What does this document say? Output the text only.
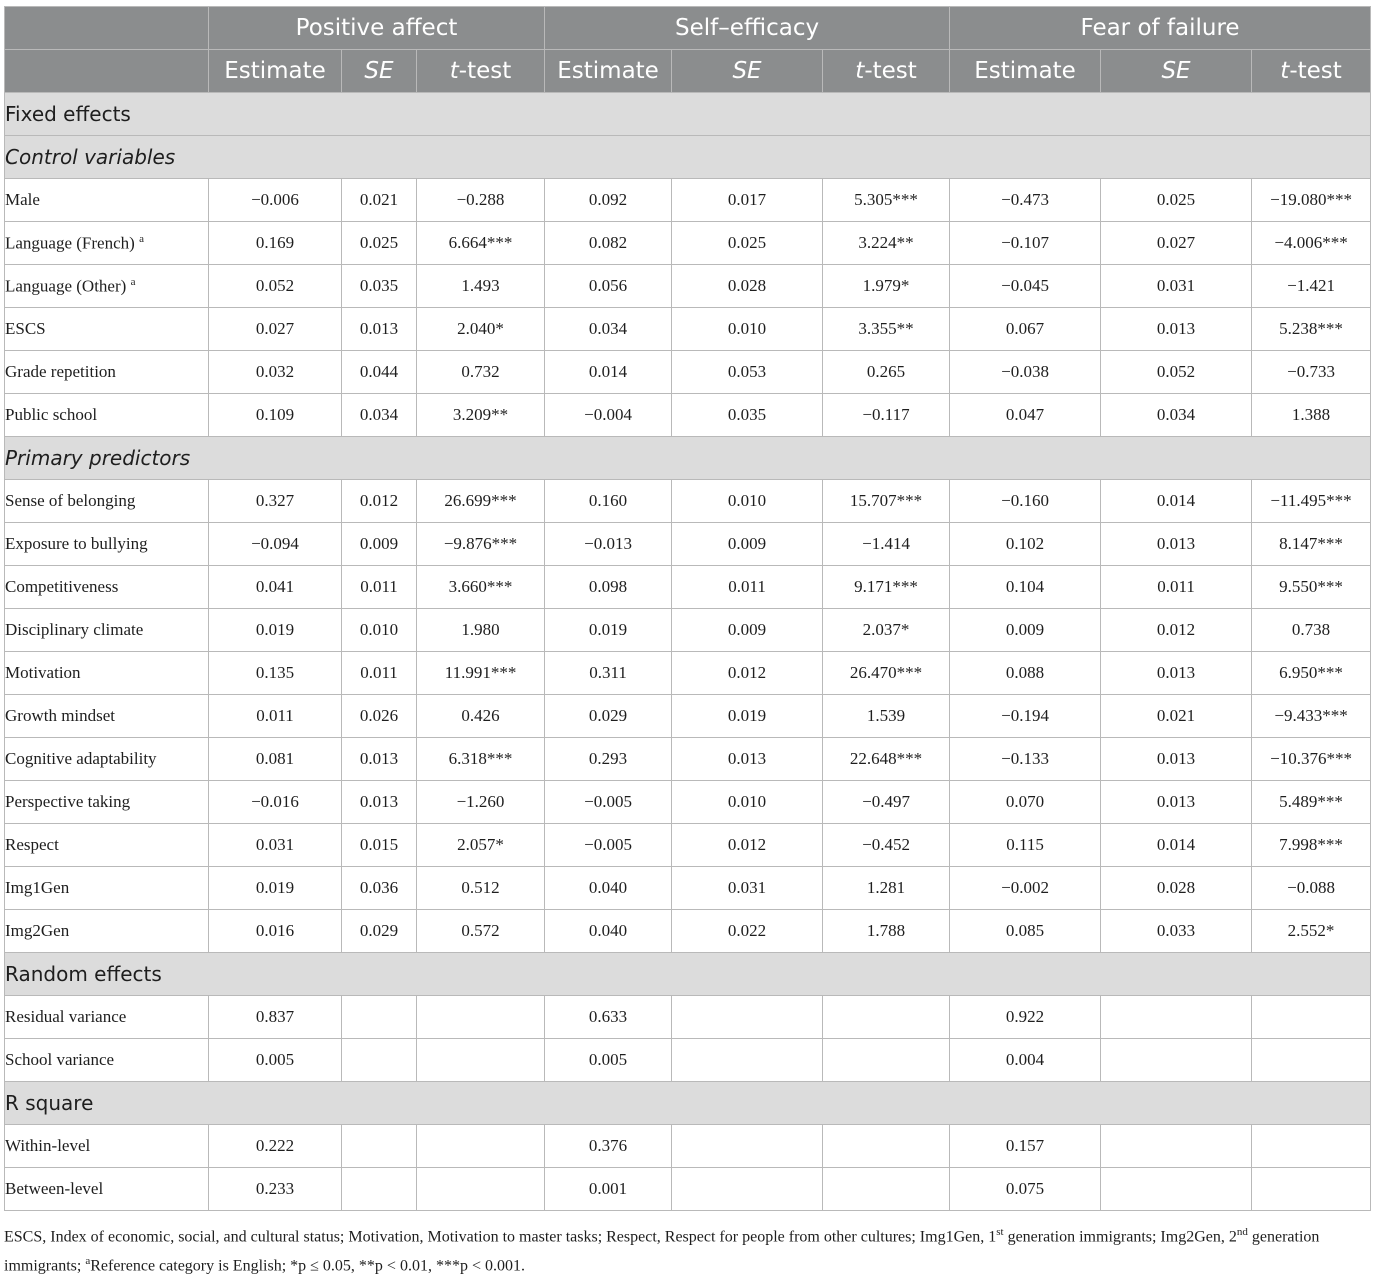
	Positive affect			Self–efficacy			Fear of failure		
	Estimate	SE	t-test	Estimate	SE	t-test	Estimate	SE	t-test
Fixed effects									
Control variables									
Male	−0.006	0.021	−0.288	0.092	0.017	5.305***	−0.473	0.025	−19.080***
Language (French) $^a$	0.169	0.025	6.664***	0.082	0.025	3.224**	−0.107	0.027	−4.006***
Language (Other) $^a$	0.052	0.035	1.493	0.056	0.028	1.979*	−0.045	0.031	−1.421
ESCS	0.027	0.013	2.040*	0.034	0.010	3.355**	0.067	0.013	5.238***
Grade repetition	0.032	0.044	0.732	0.014	0.053	0.265	−0.038	0.052	−0.733
Public school	0.109	0.034	3.209**	−0.004	0.035	−0.117	0.047	0.034	1.388
Primary predictors									
Sense of belonging	0.327	0.012	26.699***	0.160	0.010	15.707***	−0.160	0.014	−11.495***
Exposure to bullying	−0.094	0.009	−9.876***	−0.013	0.009	−1.414	0.102	0.013	8.147***
Competitiveness	0.041	0.011	3.660***	0.098	0.011	9.171***	0.104	0.011	9.550***
Disciplinary climate	0.019	0.010	1.980	0.019	0.009	2.037*	0.009	0.012	0.738
Motivation	0.135	0.011	11.991***	0.311	0.012	26.470***	0.088	0.013	6.950***
Growth mindset	0.011	0.026	0.426	0.029	0.019	1.539	−0.194	0.021	−9.433***
Cognitive adaptability	0.081	0.013	6.318***	0.293	0.013	22.648***	−0.133	0.013	−10.376***
Perspective taking	−0.016	0.013	−1.260	−0.005	0.010	−0.497	0.070	0.013	5.489***
Respect	0.031	0.015	2.057*	−0.005	0.012	−0.452	0.115	0.014	7.998***
Img1Gen	0.019	0.036	0.512	0.040	0.031	1.281	−0.002	0.028	−0.088
Img2Gen	0.016	0.029	0.572	0.040	0.022	1.788	0.085	0.033	2.552*
Random effects									
Residual variance	0.837			0.633			0.922		
School variance	0.005			0.005			0.004		
R square									
Within-level	0.222			0.376			0.157		
Between-level	0.233			0.001			0.075		
ESCS, Index of economic, social, and cultural status; Motivation, Motivation to master tasks; Respect, Respect for people from other cultures; Img1Gen, 1st generation immigrants; Img2Gen, 2nd generation immigrants; $^a$Reference category is English; *p ≤ 0.05, **p < 0.01, ***p < 0.001.
